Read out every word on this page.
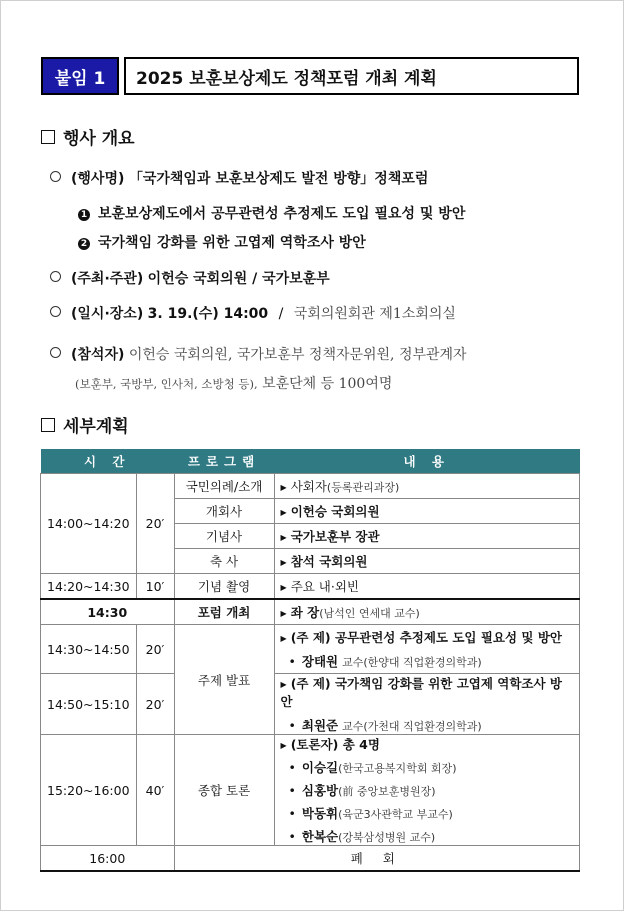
붙임 1	2025 보훈보상제도 정책포럼 개최 계획
행사 개요
(행사명) 「국가책임과 보훈보상제도 발전 방향」정책포럼
1 보훈보상제도에서 공무관련성 추정제도 도입 필요성 및 방안
2 국가책임 강화를 위한 고엽제 역학조사 방안
(주최·주관) 이헌승 국회의원 / 국가보훈부
(일시·장소) 3. 19.(수) 14:00 / 국회의원회관 제1소회의실
(참석자) 이헌승 국회의원, 국가보훈부 정책자문위원, 정부관계자
(보훈부, 국방부, 인사처, 소방청 등), 보훈단체 등 100여명
세부계획
시 간		프로그램	내 용
14:00~14:20	20′	국민의례/소개	▶ 사회자(등록관리과장)
		개회사	▶ 이헌승 국회의원
		기념사	▶ 국가보훈부 장관
		축 사	▶ 참석 국회의원
14:20~14:30	10′	기념 촬영	▶ 주요 내·외빈
14:30		포럼 개최	▶ 좌 장(남석인 연세대 교수)
14:30~14:50	20′	주제 발표	▶ (주 제) 공무관련성 추정제도 도입 필요성 및 방안
• 장태원 교수(한양대 직업환경의학과)

14:50~15:10	20′		▶ (주 제) 국가책임 강화를 위한 고엽제 역학조사 방안
• 최원준 교수(가천대 직업환경의학과)

15:20~16:00	40′	종합 토론	▶ (토론자) 총 4명
• 이승길(한국고용복지학회 회장)
• 심홍방(前 중앙보훈병원장)
• 박동휘(육군3사관학교 부교수)
• 한복순(강북삼성병원 교수)

16:00		폐 회	
